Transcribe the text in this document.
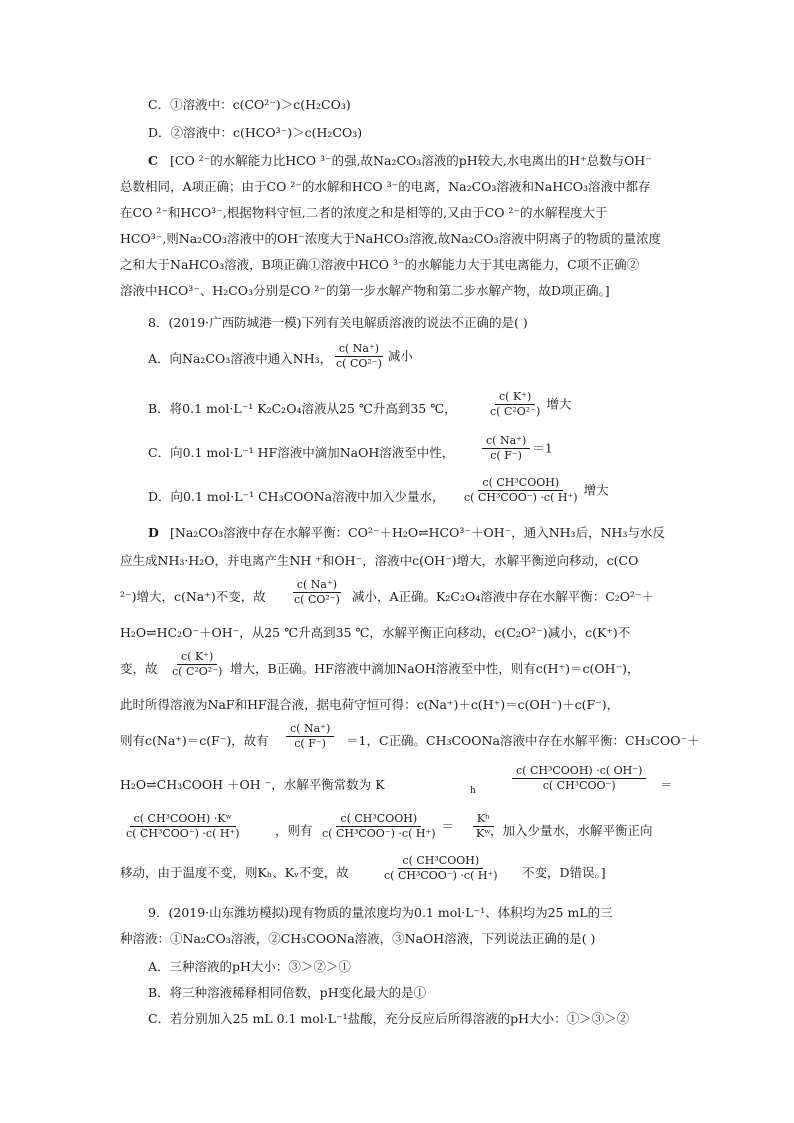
C．①溶液中：c(CO²⁻)＞c(H₂CO₃)
D．②溶液中：c(HCO³⁻)＞c(H₂CO₃)
[CO ²⁻的水解能力比HCO ³⁻的强,故Na₂CO₃溶液的pH较大,水电离出的H⁺总数与OH⁻
总数相同，A项正确；由于CO ²⁻的水解和HCO ³⁻的电离，Na₂CO₃溶液和NaHCO₃溶液中都存
在CO ²⁻和HCO³⁻,根据物料守恒,二者的浓度之和是相等的,又由于CO ²⁻的水解程度大于
HCO³⁻,则Na₂CO₃溶液中的OH⁻浓度大于NaHCO₃溶液,故Na₂CO₃溶液中阴离子的物质的量浓度
之和大于NaHCO₃溶液，B项正确①溶液中HCO ³⁻的水解能力大于其电离能力，C项不正确②
溶液中HCO³⁻、H₂CO₃分别是CO ²⁻的第一步水解产物和第二步水解产物，故D项正确。]
8．(2019·广西防城港一模)下列有关电解质溶液的说法不正确的是( )
A．向Na₂CO₃溶液中通入NH₃，
B．将0.1 mol·L⁻¹ K₂C₂O₄溶液从25 ℃升高到35 ℃，
C．向0.1 mol·L⁻¹ HF溶液中滴加NaOH溶液至中性，
D．向0.1 mol·L⁻¹ CH₃COONa溶液中加入少量水，
[Na₂CO₃溶液中存在水解平衡：CO²⁻＋H₂O⇌HCO³⁻＋OH⁻，通入NH₃后，NH₃与水反
应生成NH₃·H₂O，并电离产生NH ⁺和OH⁻，溶液中c(OH⁻)增大，水解平衡逆向移动，c(CO
²⁻)增大，c(Na⁺)不变，故	减小，A正确。K₂C₂O₄溶液中存在水解平衡：C₂O²⁻＋
H₂O⇌HC₂O⁻＋OH⁻，从25 ℃升高到35 ℃，水解平衡正向移动，c(C₂O²⁻)减小，c(K⁺)不
变，故	增大，B正确。HF溶液中滴加NaOH溶液至中性，则有c(H⁺)＝c(OH⁻)，
此时所得溶液为NaF和HF混合液，据电荷守恒可得：c(Na⁺)＋c(H⁺)＝c(OH⁻)＋c(F⁻)，
则有c(Na⁺)＝c(F⁻)，故有	＝1，C正确。CH₃COONa溶液中存在水解平衡：CH₃COO⁻＋
H₂O⇌CH₃COOH ＋OH ⁻，水解平衡常数为 K	＝
，则有	，加入少量水，水解平衡正向
移动，由于温度不变，则Kₕ、Kᵥ不变，故	不变，D错误。]
9．(2019·山东潍坊模拟)现有物质的量浓度均为0.1 mol·L⁻¹、体积均为25 mL的三
种溶液：①Na₂CO₃溶液，②CH₃COONa溶液，③NaOH溶液，下列说法正确的是( )
A．三种溶液的pH大小：③＞②＞①
B．将三种溶液稀释相同倍数，pH变化最大的是①
C．若分别加入25 mL 0.1 mol·L⁻¹盐酸，充分反应后所得溶液的pH大小：①＞③＞②
C
D
$\frac{c( Na^+)}{\text{c( CO²⁻)}}$ 减小
$\frac{c( K^+)}{\text{c( C²O²⁻)}}$ 增大
$\frac{c( Na^+)}{c( F^-)} =1$
$\frac{\text{c( CH³COOH)}}{\text{c( CH³COO⁻) ·c( H⁺)}}$ 增大
$\frac{c( Na^+)}{\text{c( CO²⁻)}}$
$\frac{c( K^+)}{\text{c( C²O²⁻)}}$
$\frac{c( Na^+)}{c( F^-)}$
$\frac{\text{c( CH³COOH) ·c( OH⁻)}}{\text{c( CH³COO⁻)}}$
$\frac{\text{c( CH³COOH) ·Kʷ}}{\text{c( CH³COO⁻) ·c( H⁺)}}$	$\frac{\text{c( CH³COOH)}}{\text{c( CH³COO⁻) ·c( H⁺)}} = \frac{\text{Kʰ}}{\text{Kʷ}}$
$\frac{\text{c( CH³COOH)}}{\text{c( CH³COO⁻) ·c( H⁺)}}$
h
